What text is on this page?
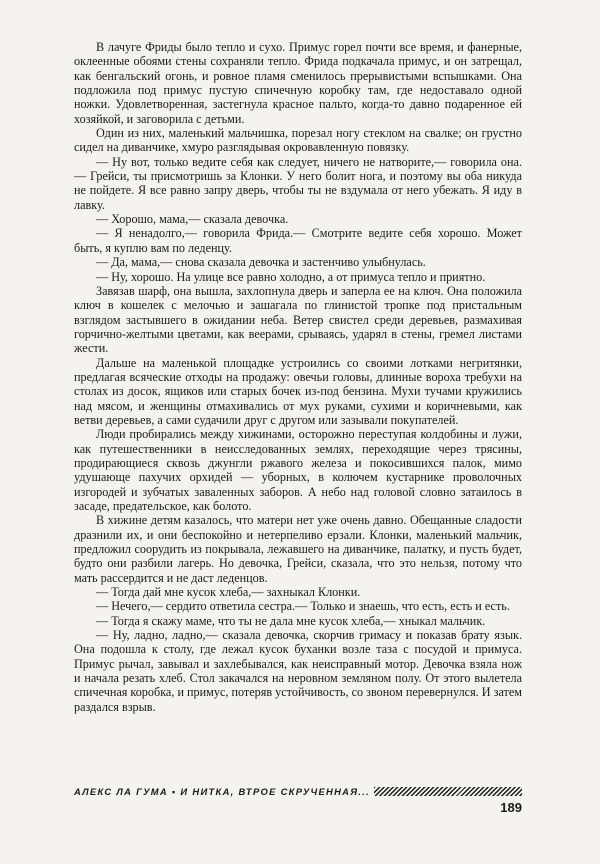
В лачуге Фриды было тепло и сухо. Примус горел почти все время, и фанерные, оклеенные обоями стены сохраняли тепло. Фрида подкачала примус, и он затрещал, как бенгальский огонь, и ровное пламя сменилось прерывистыми вспышками. Она подложила под примус пустую спичечную коробку там, где недоставало одной ножки. Удовлетворенная, застегнула красное пальто, когда-то давно подаренное ей хозяйкой, и заговорила с детьми.

Один из них, маленький мальчишка, порезал ногу стеклом на свалке; он грустно сидел на диванчике, хмуро разглядывая окровавленную повязку.

— Ну вот, только ведите себя как следует, ничего не натворите,— говорила она.— Грейси, ты присмотришь за Клонки. У него болит нога, и поэтому вы оба никуда не пойдете. Я все равно запру дверь, чтобы ты не вздумала от него убежать. Я иду в лавку.

— Хорошо, мама,— сказала девочка.

— Я ненадолго,— говорила Фрида.— Смотрите ведите себя хорошо. Может быть, я куплю вам по леденцу.

— Да, мама,— снова сказала девочка и застенчиво улыбнулась.

— Ну, хорошо. На улице все равно холодно, а от примуса тепло и приятно.

Завязав шарф, она вышла, захлопнула дверь и заперла ее на ключ. Она положила ключ в кошелек с мелочью и зашагала по глинистой тропке под пристальным взглядом застывшего в ожидании неба. Ветер свистел среди деревьев, размахивая горчично-желтыми цветами, как веерами, срываясь, ударял в стены, гремел листами жести.

Дальше на маленькой площадке устроились со своими лотками негритянки, предлагая всяческие отходы на продажу: овечьи головы, длинные вороха требухи на столах из досок, ящиков или старых бочек из-под бензина. Мухи тучами кружились над мясом, и женщины отмахивались от мух руками, сухими и коричневыми, как ветви деревьев, а сами судачили друг с другом или зазывали покупателей.

Люди пробирались между хижинами, осторожно переступая колдобины и лужи, как путешественники в неисследованных землях, переходящие через трясины, продирающиеся сквозь джунгли ржавого железа и покосившихся палок, мимо удушающе пахучих орхидей — уборных, в колючем кустарнике проволочных изгородей и зубчатых заваленных заборов. А небо над головой словно затаилось в засаде, предательское, как болото.

В хижине детям казалось, что матери нет уже очень давно. Обещанные сладости дразнили их, и они беспокойно и нетерпеливо ерзали. Клонки, маленький мальчик, предложил соорудить из покрывала, лежавшего на диванчике, палатку, и пусть будет, будто они разбили лагерь. Но девочка, Грейси, сказала, что это нельзя, потому что мать рассердится и не даст леденцов.

— Тогда дай мне кусок хлеба,— захныкал Клонки.

— Нечего,— сердито ответила сестра.— Только и знаешь, что есть, есть и есть.

— Тогда я скажу маме, что ты не дала мне кусок хлеба,— хныкал мальчик.

— Ну, ладно, ладно,— сказала девочка, скорчив гримасу и показав брату язык. Она подошла к столу, где лежал кусок буханки возле таза с посудой и примуса. Примус рычал, завывал и захлебывался, как неисправный мотор. Девочка взяла нож и начала резать хлеб. Стол закачался на неровном земляном полу. От этого вылетела спичечная коробка, и примус, потеряв устойчивость, со звоном перевернулся. И затем раздался взрыв.

АЛЕКС ЛА ГУМА ▪ И НИТКА, ВТРОЕ СКРУЧЕННАЯ...
189
